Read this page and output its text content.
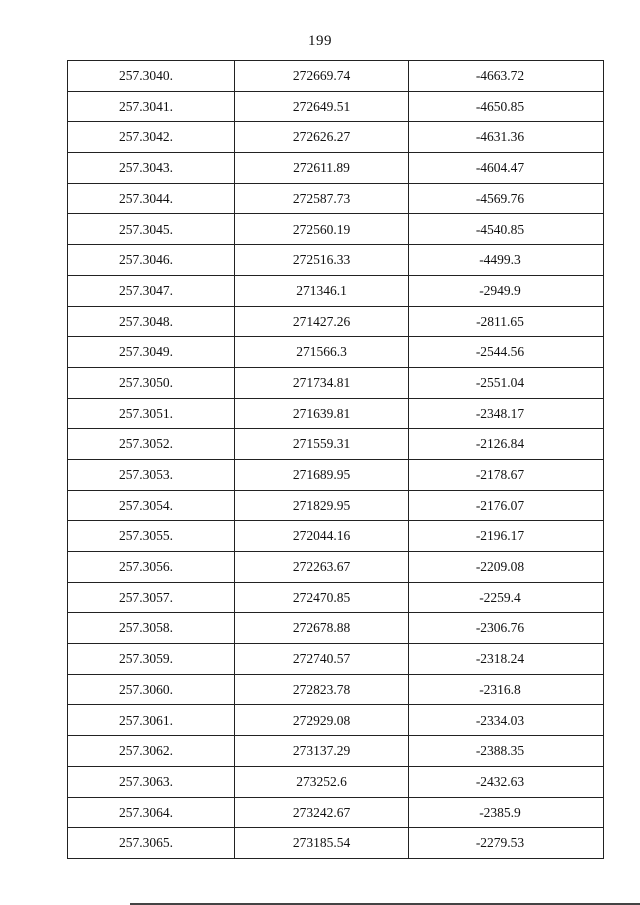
199
257.3040.	272669.74	-4663.72
257.3041.	272649.51	-4650.85
257.3042.	272626.27	-4631.36
257.3043.	272611.89	-4604.47
257.3044.	272587.73	-4569.76
257.3045.	272560.19	-4540.85
257.3046.	272516.33	-4499.3
257.3047.	271346.1	-2949.9
257.3048.	271427.26	-2811.65
257.3049.	271566.3	-2544.56
257.3050.	271734.81	-2551.04
257.3051.	271639.81	-2348.17
257.3052.	271559.31	-2126.84
257.3053.	271689.95	-2178.67
257.3054.	271829.95	-2176.07
257.3055.	272044.16	-2196.17
257.3056.	272263.67	-2209.08
257.3057.	272470.85	-2259.4
257.3058.	272678.88	-2306.76
257.3059.	272740.57	-2318.24
257.3060.	272823.78	-2316.8
257.3061.	272929.08	-2334.03
257.3062.	273137.29	-2388.35
257.3063.	273252.6	-2432.63
257.3064.	273242.67	-2385.9
257.3065.	273185.54	-2279.53
